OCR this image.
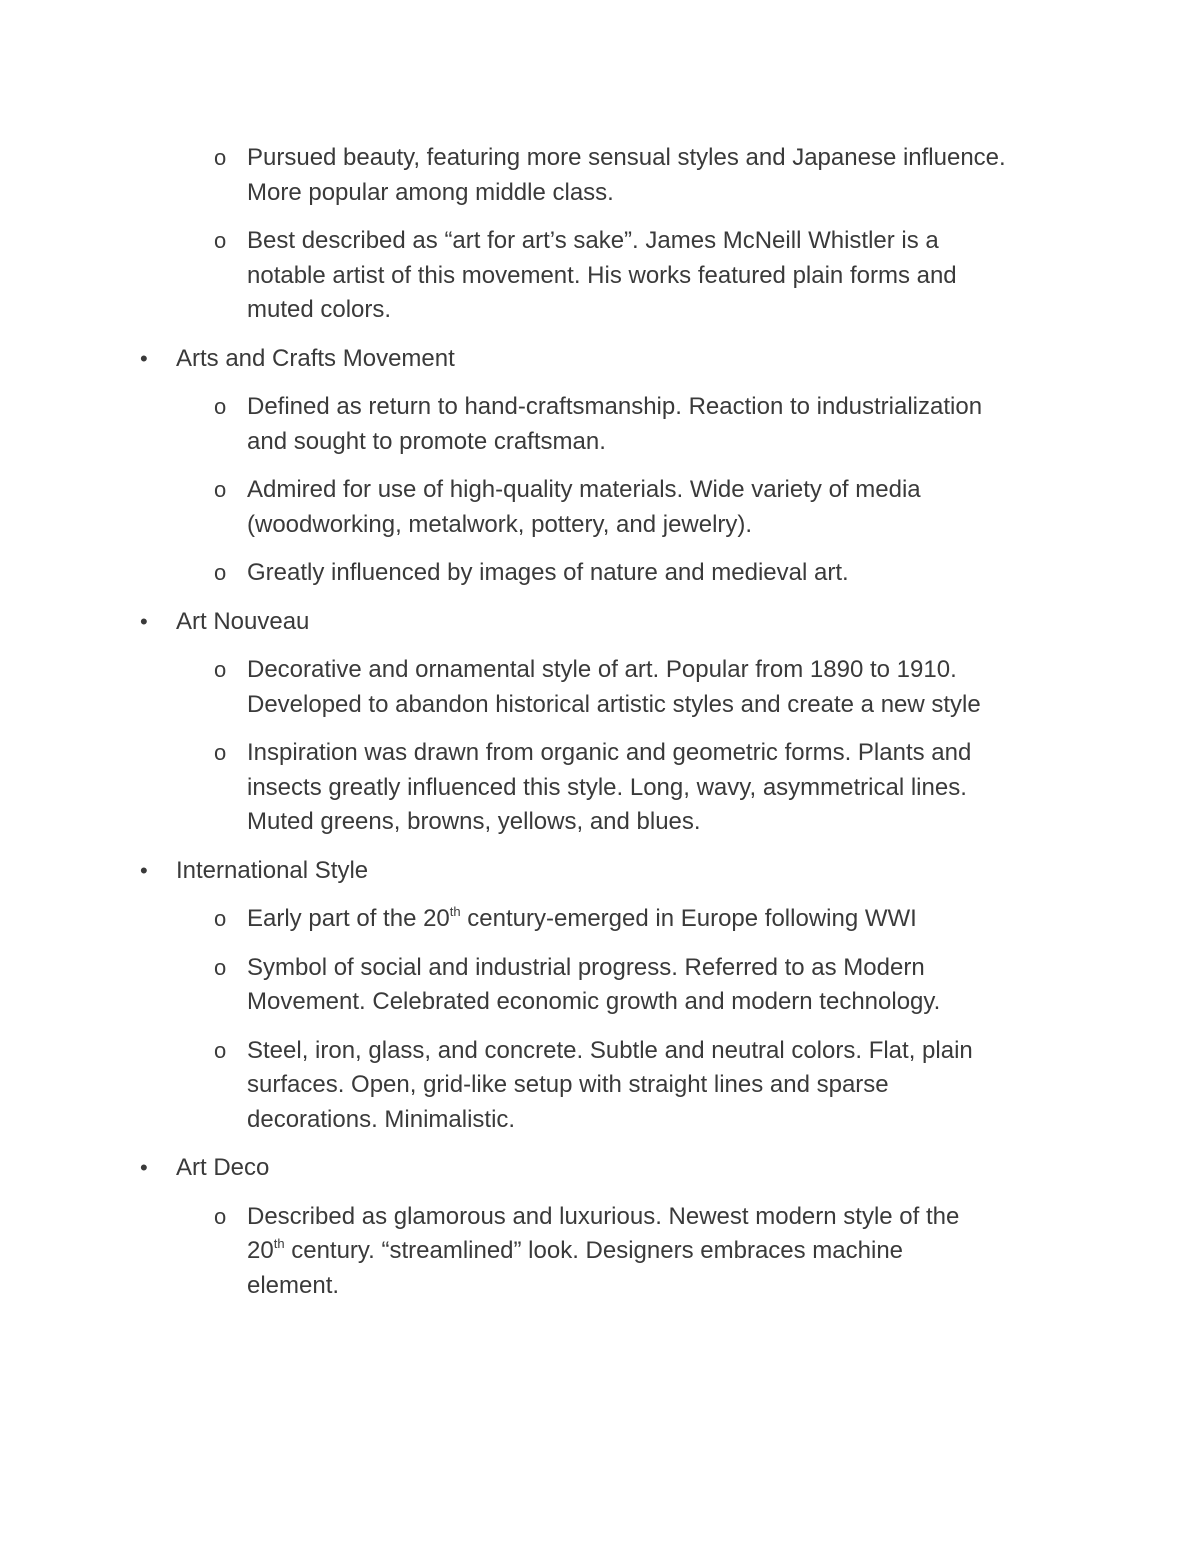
o Pursued beauty, featuring more sensual styles and Japanese influence.
More popular among middle class.
o Best described as “art for art’s sake”. James McNeill Whistler is a
notable artist of this movement. His works featured plain forms and
muted colors.
• Arts and Crafts Movement
o Defined as return to hand-craftsmanship. Reaction to industrialization
and sought to promote craftsman.
o Admired for use of high-quality materials. Wide variety of media
(woodworking, metalwork, pottery, and jewelry).
o Greatly influenced by images of nature and medieval art.
• Art Nouveau
o Decorative and ornamental style of art. Popular from 1890 to 1910.
Developed to abandon historical artistic styles and create a new style
o Inspiration was drawn from organic and geometric forms. Plants and
insects greatly influenced this style. Long, wavy, asymmetrical lines.
Muted greens, browns, yellows, and blues.
• International Style
o Early part of the 20th century-emerged in Europe following WWI
o Symbol of social and industrial progress. Referred to as Modern
Movement. Celebrated economic growth and modern technology.
o Steel, iron, glass, and concrete. Subtle and neutral colors. Flat, plain
surfaces. Open, grid-like setup with straight lines and sparse
decorations. Minimalistic.
• Art Deco
o Described as glamorous and luxurious. Newest modern style of the
20th century. “streamlined” look. Designers embraces machine
element.
